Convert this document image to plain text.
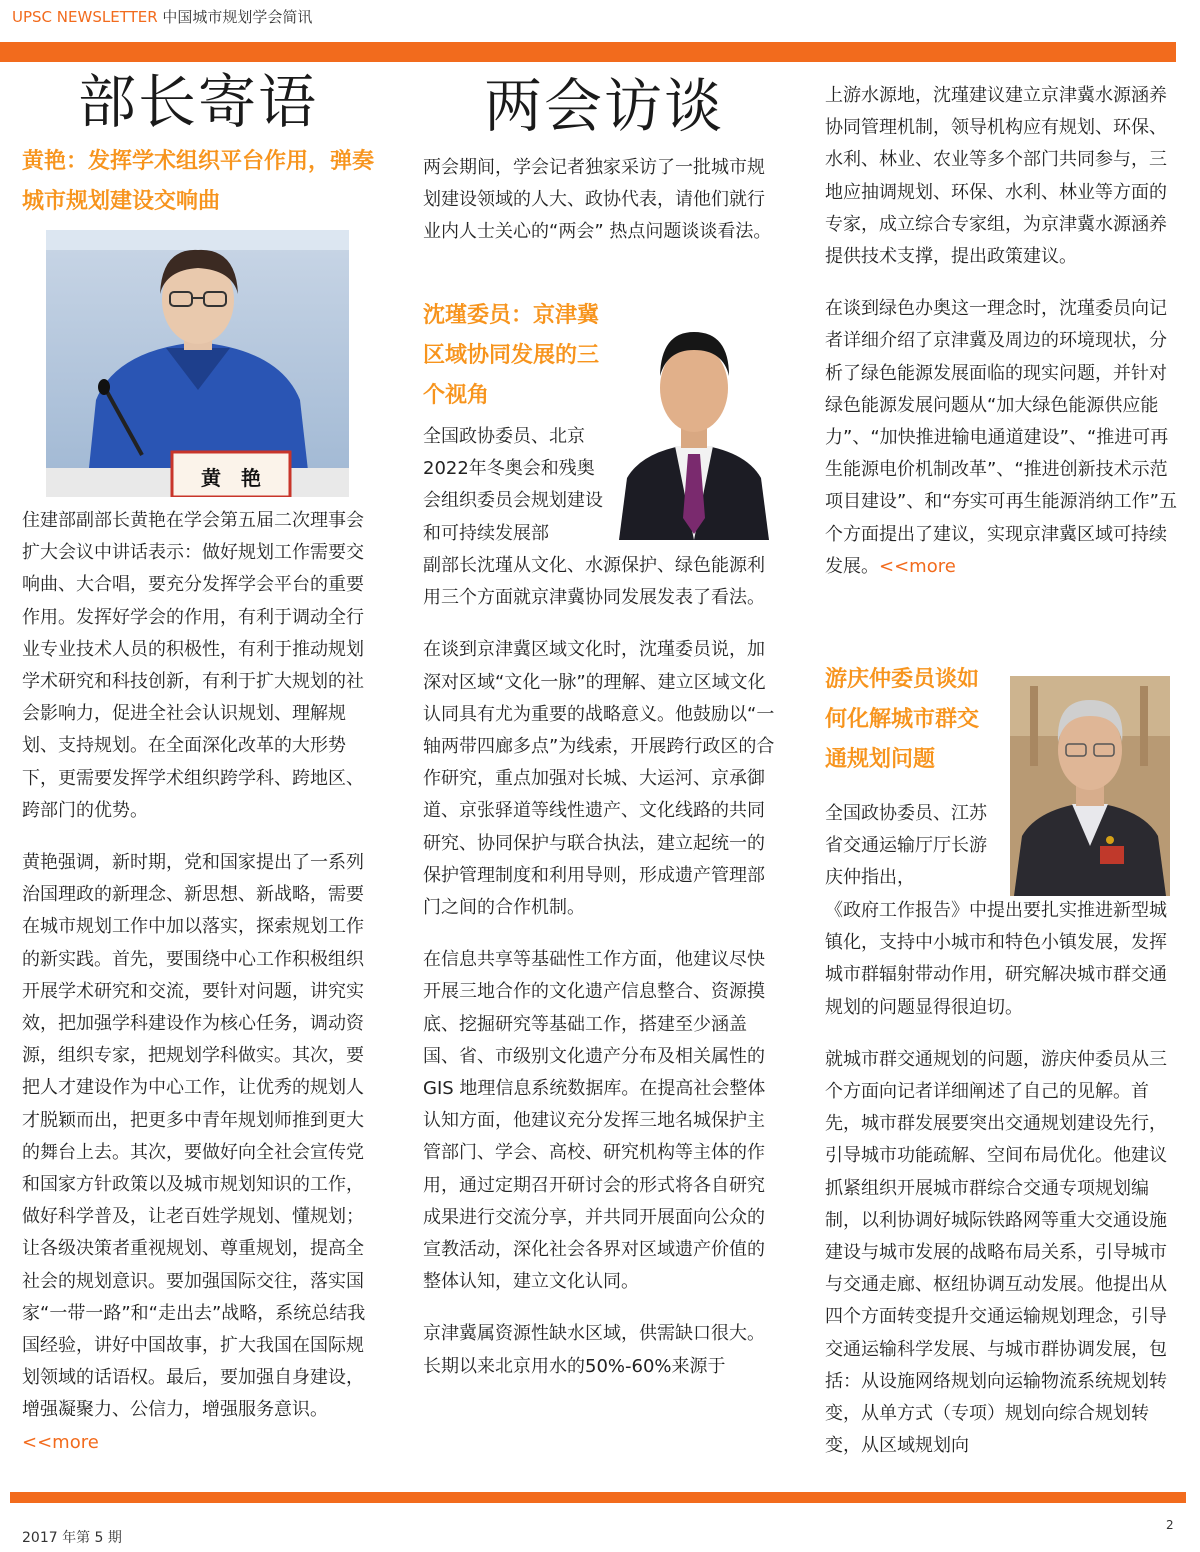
UPSC NEWSLETTER 中国城市规划学会简讯
部长寄语
黄艳：发挥学术组织平台作用，弹奏城市规划建设交响曲
黄　艳

住建部副部长黄艳在学会第五届二次理事会扩大会议中讲话表示：做好规划工作需要交响曲、大合唱，要充分发挥学会平台的重要作用。发挥好学会的作用，有利于调动全行业专业技术人员的积极性，有利于推动规划学术研究和科技创新，有利于扩大规划的社会影响力，促进全社会认识规划、理解规划、支持规划。在全面深化改革的大形势下，更需要发挥学术组织跨学科、跨地区、跨部门的优势。

黄艳强调，新时期，党和国家提出了一系列治国理政的新理念、新思想、新战略，需要在城市规划工作中加以落实，探索规划工作的新实践。首先，要围绕中心工作积极组织开展学术研究和交流，要针对问题，讲究实效，把加强学科建设作为核心任务，调动资源，组织专家，把规划学科做实。其次，要把人才建设作为中心工作，让优秀的规划人才脱颖而出，把更多中青年规划师推到更大的舞台上去。其次，要做好向全社会宣传党和国家方针政策以及城市规划知识的工作，做好科学普及，让老百姓学规划、懂规划；让各级决策者重视规划、尊重规划，提高全社会的规划意识。要加强国际交往，落实国家“一带一路”和“走出去”战略，系统总结我国经验，讲好中国故事，扩大我国在国际规划领域的话语权。最后，要加强自身建设，增强凝聚力、公信力，增强服务意识。<<more

两会访谈

两会期间，学会记者独家采访了一批城市规划建设领域的人大、政协代表，请他们就行业内人士关心的“两会” 热点问题谈谈看法。

沈瑾委员：京津冀区域协同发展的三个视角

全国政协委员、北京2022年冬奥会和残奥会组织委员会规划建设和可持续发展部

副部长沈瑾从文化、水源保护、绿色能源利用三个方面就京津冀协同发展发表了看法。

在谈到京津冀区域文化时，沈瑾委员说，加深对区域“文化一脉”的理解、建立区域文化认同具有尤为重要的战略意义。他鼓励以“一轴两带四廊多点”为线索，开展跨行政区的合作研究，重点加强对长城、大运河、京承御道、京张驿道等线性遗产、文化线路的共同研究、协同保护与联合执法，建立起统一的保护管理制度和利用导则，形成遗产管理部门之间的合作机制。

在信息共享等基础性工作方面，他建议尽快开展三地合作的文化遗产信息整合、资源摸底、挖掘研究等基础工作，搭建至少涵盖国、省、市级别文化遗产分布及相关属性的 GIS 地理信息系统数据库。在提高社会整体认知方面，他建议充分发挥三地名城保护主管部门、学会、高校、研究机构等主体的作用，通过定期召开研讨会的形式将各自研究成果进行交流分享，并共同开展面向公众的宣教活动，深化社会各界对区域遗产价值的整体认知，建立文化认同。

京津冀属资源性缺水区域，供需缺口很大。长期以来北京用水的50%-60%来源于

上游水源地，沈瑾建议建立京津冀水源涵养协同管理机制，领导机构应有规划、环保、水利、林业、农业等多个部门共同参与，三地应抽调规划、环保、水利、林业等方面的专家，成立综合专家组，为京津冀水源涵养提供技术支撑，提出政策建议。

在谈到绿色办奥这一理念时，沈瑾委员向记者详细介绍了京津冀及周边的环境现状，分析了绿色能源发展面临的现实问题，并针对绿色能源发展问题从“加大绿色能源供应能力”、“加快推进输电通道建设”、“推进可再生能源电价机制改革”、“推进创新技术示范项目建设”、和“夯实可再生能源消纳工作”五个方面提出了建议，实现京津冀区域可持续发展。<<more

游庆仲委员谈如何化解城市群交通规划问题

全国政协委员、江苏省交通运输厅厅长游庆仲指出，

《政府工作报告》中提出要扎实推进新型城镇化，支持中小城市和特色小镇发展，发挥城市群辐射带动作用，研究解决城市群交通规划的问题显得很迫切。

就城市群交通规划的问题，游庆仲委员从三个方面向记者详细阐述了自己的见解。首先，城市群发展要突出交通规划建设先行，引导城市功能疏解、空间布局优化。他建议抓紧组织开展城市群综合交通专项规划编制，以利协调好城际铁路网等重大交通设施建设与城市发展的战略布局关系，引导城市与交通走廊、枢纽协调互动发展。他提出从四个方面转变提升交通运输规划理念，引导交通运输科学发展、与城市群协调发展，包括：从设施网络规划向运输物流系统规划转变，从单方式（专项）规划向综合规划转变，从区域规划向

2017 年第 5 期
2
